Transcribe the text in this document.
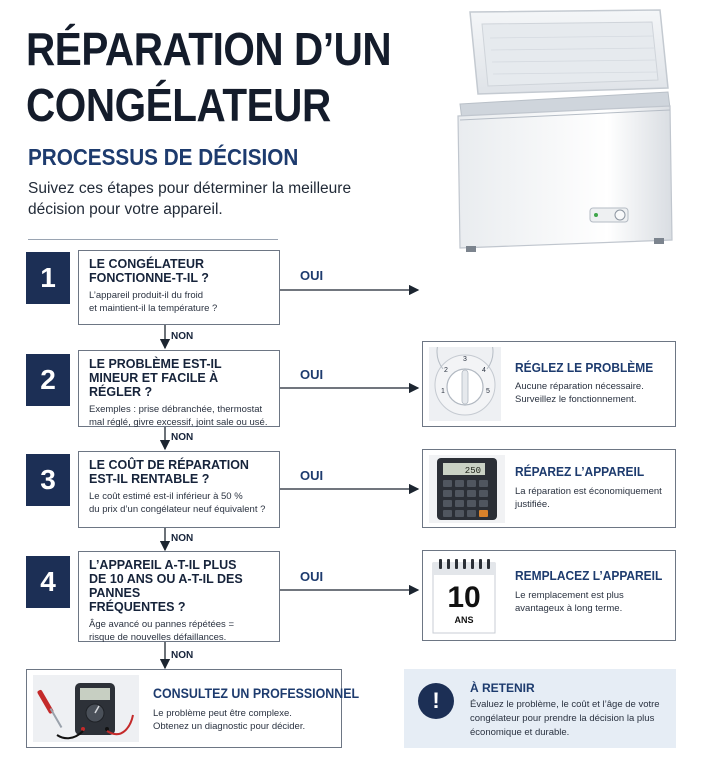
RÉPARATION D’UN
CONGÉLATEUR
PROCESSUS DE DÉCISION
Suivez ces étapes pour déterminer la meilleure
décision pour votre appareil.
1	LE CONGÉLATEUR
FONCTIONNE-T-IL ?
L’appareil produit-il du froid
et maintient-il la température ?
OUI
NON
2	LE PROBLÈME EST-IL
MINEUR ET FACILE À RÉGLER ?
Exemples : prise débranchée, thermostat
mal réglé, givre excessif, joint sale ou usé.
OUI
NON
3	LE COÛT DE RÉPARATION
EST-IL RENTABLE ?
Le coût estimé est-il inférieur à 50 %
du prix d’un congélateur neuf équivalent ?
OUI
NON
4
L’APPAREIL A-T-IL PLUS
DE 10 ANS OU A-T-IL DES PANNES
FRÉQUENTES ?
Âge avancé ou pannes répétées =
risque de nouvelles défaillances.
OUI
NON
1
2
3
4
5
RÉGLEZ LE PROBLÈME
Aucune réparation nécessaire.
Surveillez le fonctionnement.
250	RÉPAREZ L’APPAREIL
La réparation est économiquement
justifiée.
10
ANS
REMPLACEZ L’APPAREIL
Le remplacement est plus
avantageux à long terme.
CONSULTEZ UN PROFESSIONNEL
Le problème peut être complexe.
Obtenez un diagnostic pour décider.
!	À RETENIR
Évaluez le problème, le coût et l’âge de votre
congélateur pour prendre la décision la plus
économique et durable.
